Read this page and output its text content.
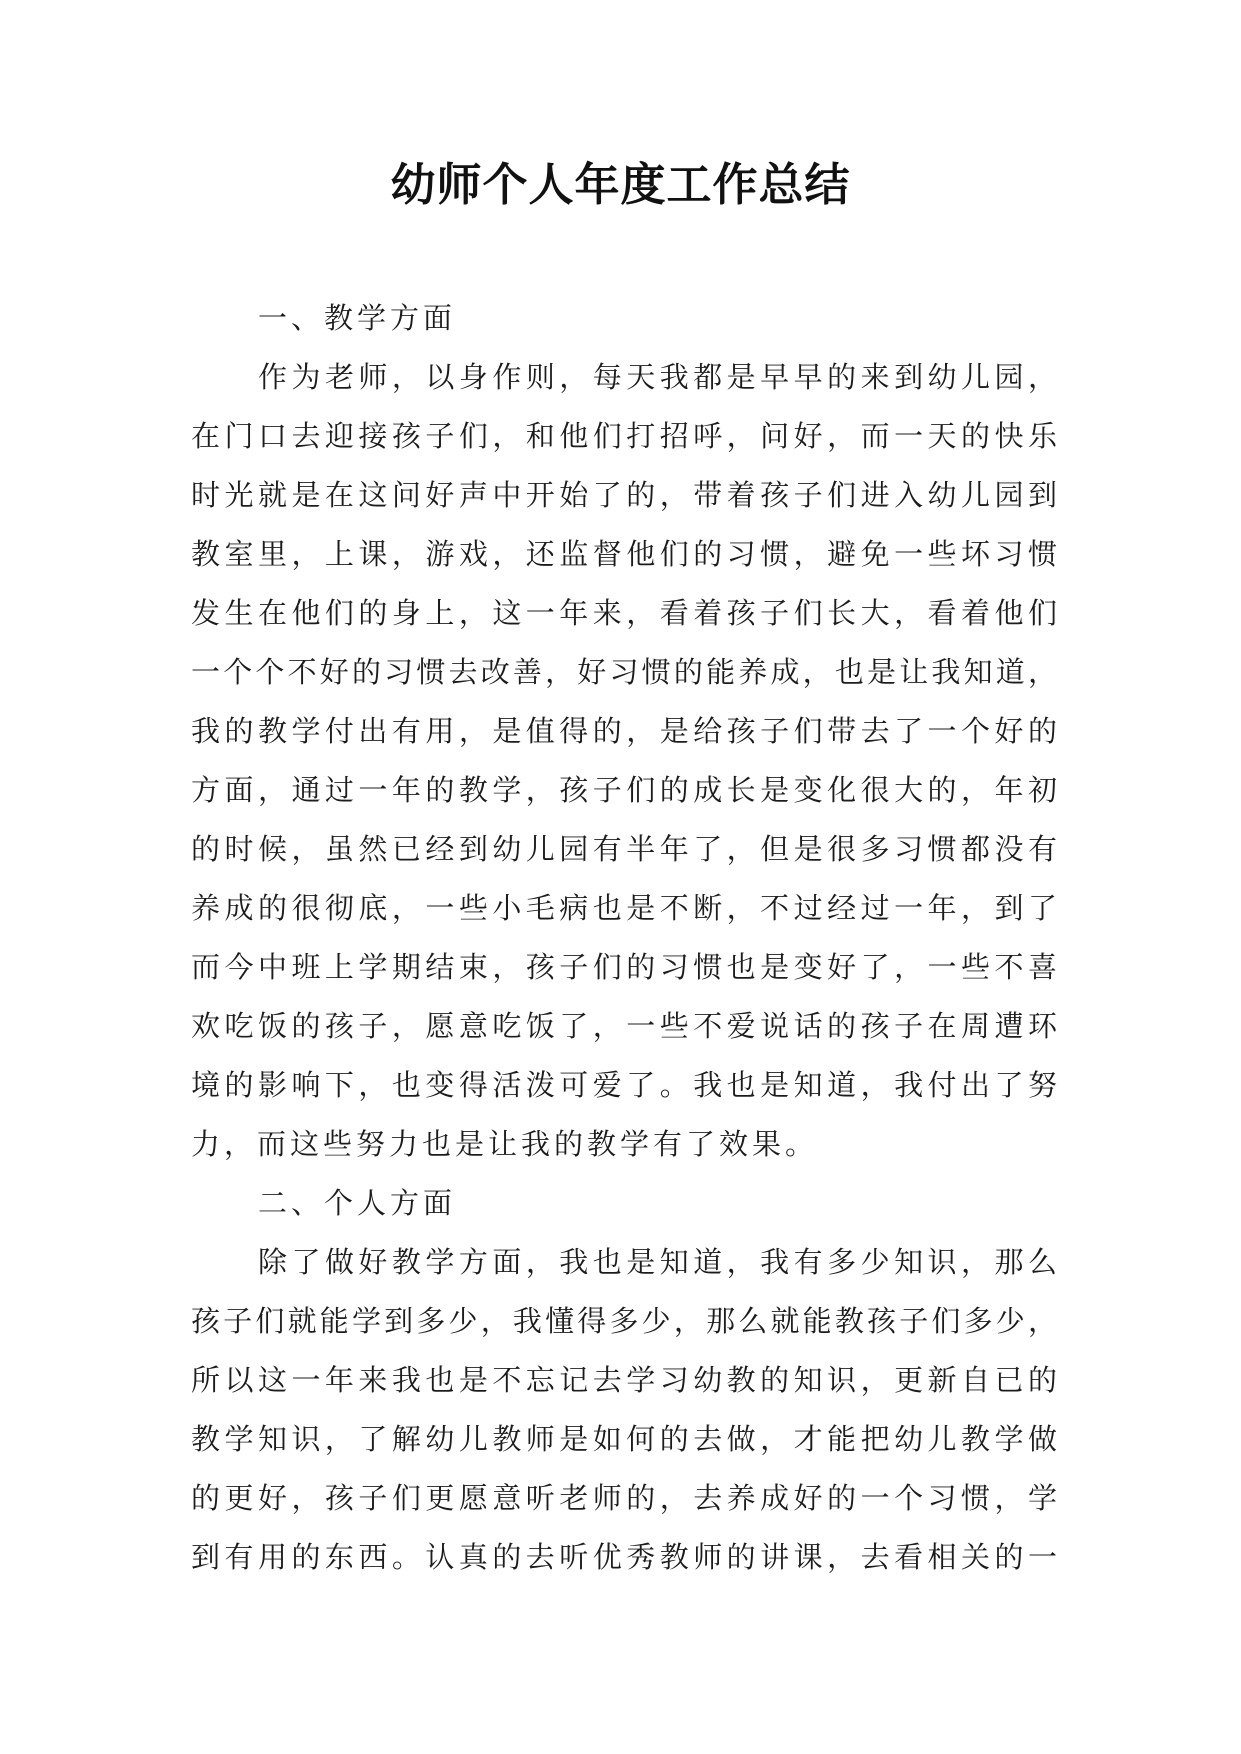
幼师个人年度工作总结
一、教学方面
作为老师，以身作则，每天我都是早早的来到幼儿园，
在门口去迎接孩子们，和他们打招呼，问好，而一天的快乐
时光就是在这问好声中开始了的，带着孩子们进入幼儿园到
教室里，上课，游戏，还监督他们的习惯，避免一些坏习惯
发生在他们的身上，这一年来，看着孩子们长大，看着他们
一个个不好的习惯去改善，好习惯的能养成，也是让我知道，
我的教学付出有用，是值得的，是给孩子们带去了一个好的
方面，通过一年的教学，孩子们的成长是变化很大的，年初
的时候，虽然已经到幼儿园有半年了，但是很多习惯都没有
养成的很彻底，一些小毛病也是不断，不过经过一年，到了
而今中班上学期结束，孩子们的习惯也是变好了，一些不喜
欢吃饭的孩子，愿意吃饭了，一些不爱说话的孩子在周遭环
境的影响下，也变得活泼可爱了。我也是知道，我付出了努
力，而这些努力也是让我的教学有了效果。
二、个人方面
除了做好教学方面，我也是知道，我有多少知识，那么
孩子们就能学到多少，我懂得多少，那么就能教孩子们多少，
所以这一年来我也是不忘记去学习幼教的知识，更新自已的
教学知识，了解幼儿教师是如何的去做，才能把幼儿教学做
的更好，孩子们更愿意听老师的，去养成好的一个习惯，学
到有用的东西。认真的去听优秀教师的讲课，去看相关的一
